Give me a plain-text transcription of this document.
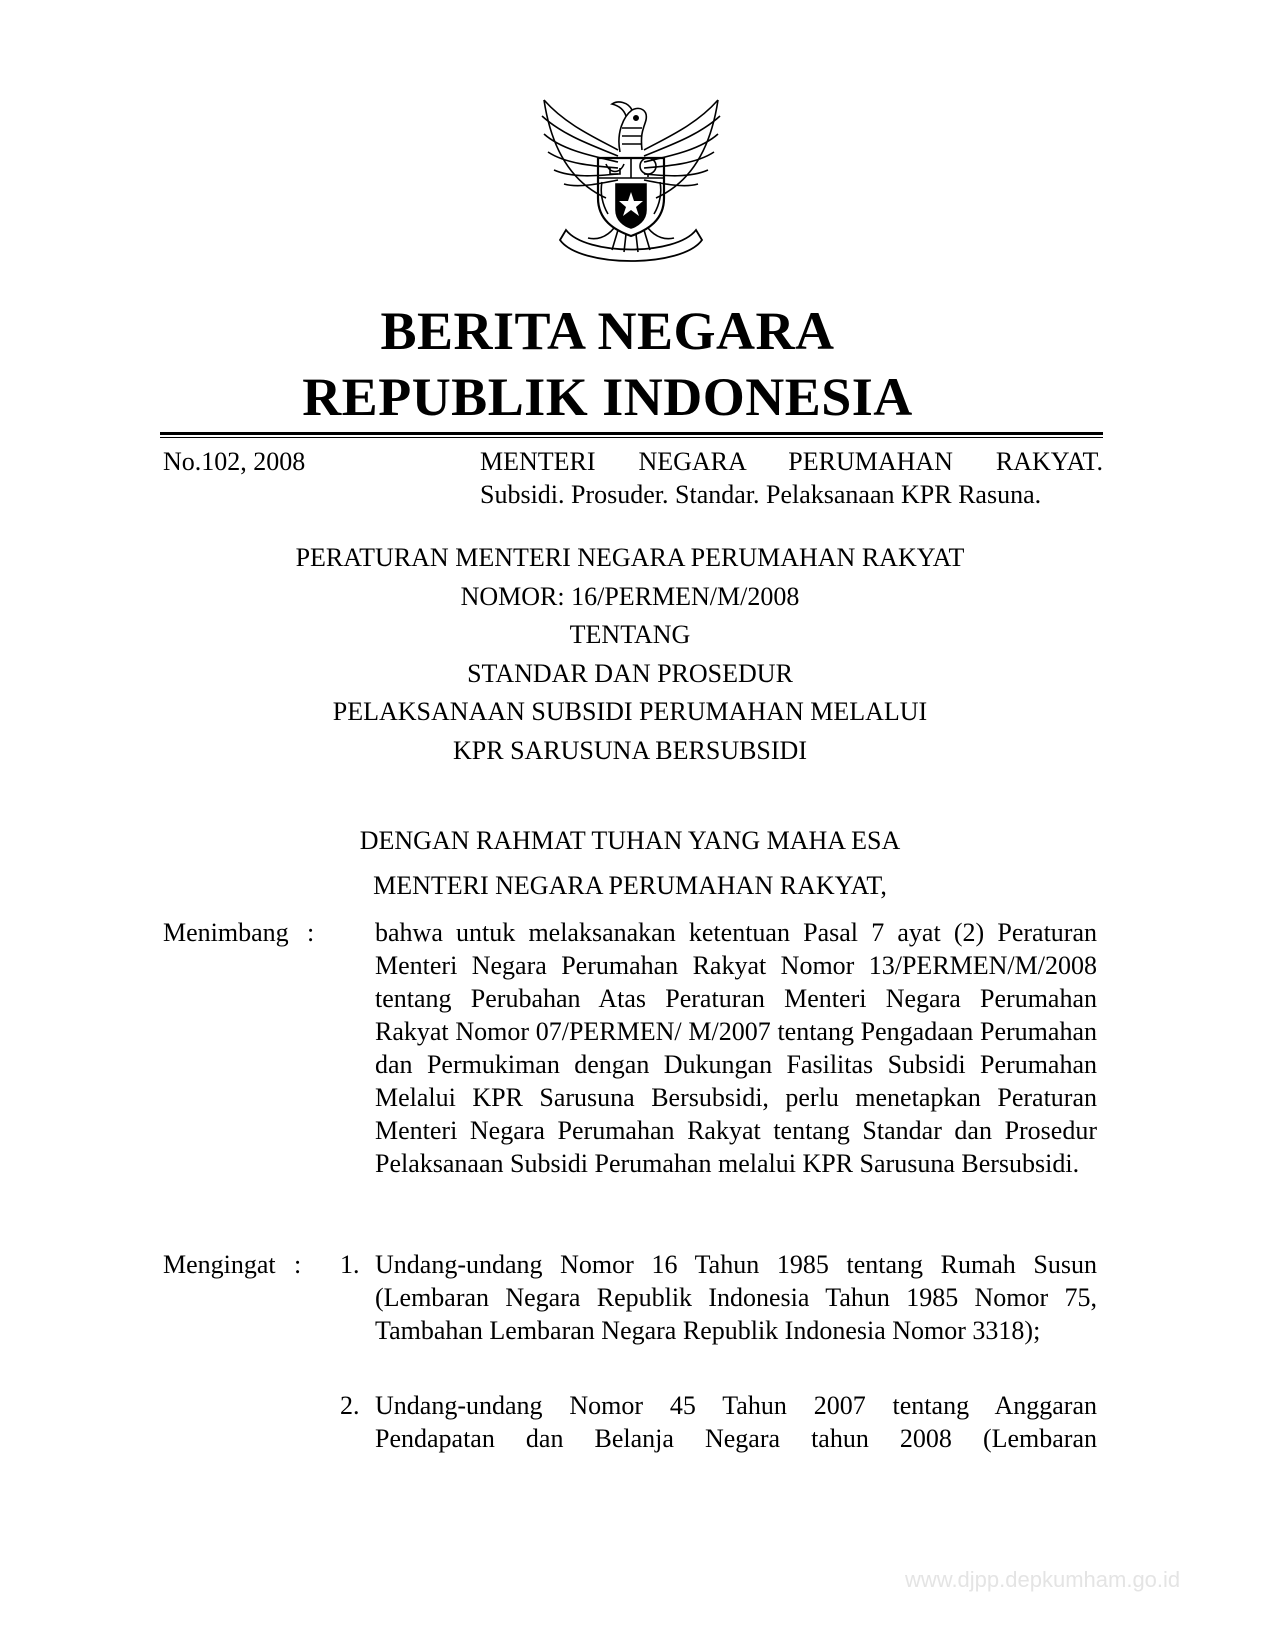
BERITA NEGARA
REPUBLIK INDONESIA
No.102, 2008	MENTERI NEGARA PERUMAHAN RAKYAT.
Subsidi. Prosuder. Standar. Pelaksanaan KPR Rasuna.
PERATURAN MENTERI NEGARA PERUMAHAN RAKYAT
NOMOR: 16/PERMEN/M/2008
TENTANG
STANDAR DAN PROSEDUR
PELAKSANAAN SUBSIDI PERUMAHAN MELALUI
KPR SARUSUNA BERSUBSIDI
DENGAN RAHMAT TUHAN YANG MAHA ESA
MENTERI NEGARA PERUMAHAN RAKYAT,
Menimbang : bahwa untuk melaksanakan ketentuan Pasal 7 ayat (2) Peraturan Menteri Negara Perumahan Rakyat Nomor 13/PERMEN/M/2008 tentang Perubahan Atas Peraturan Menteri Negara Perumahan Rakyat Nomor 07/PERMEN/ M/2007 tentang Pengadaan Perumahan dan Permukiman dengan Dukungan Fasilitas Subsidi Perumahan Melalui KPR Sarusuna Bersubsidi, perlu menetapkan Peraturan Menteri Negara Perumahan Rakyat tentang Standar dan Prosedur Pelaksanaan Subsidi Perumahan melalui KPR Sarusuna Bersubsidi.
Mengingat : 1. Undang-undang Nomor 16 Tahun 1985 tentang Rumah Susun (Lembaran Negara Republik Indonesia Tahun 1985 Nomor 75, Tambahan Lembaran Negara Republik Indonesia Nomor 3318);
2. Undang-undang Nomor 45 Tahun 2007 tentang Anggaran Pendapatan dan Belanja Negara tahun 2008 (Lembaran
www.djpp.depkumham.go.id
